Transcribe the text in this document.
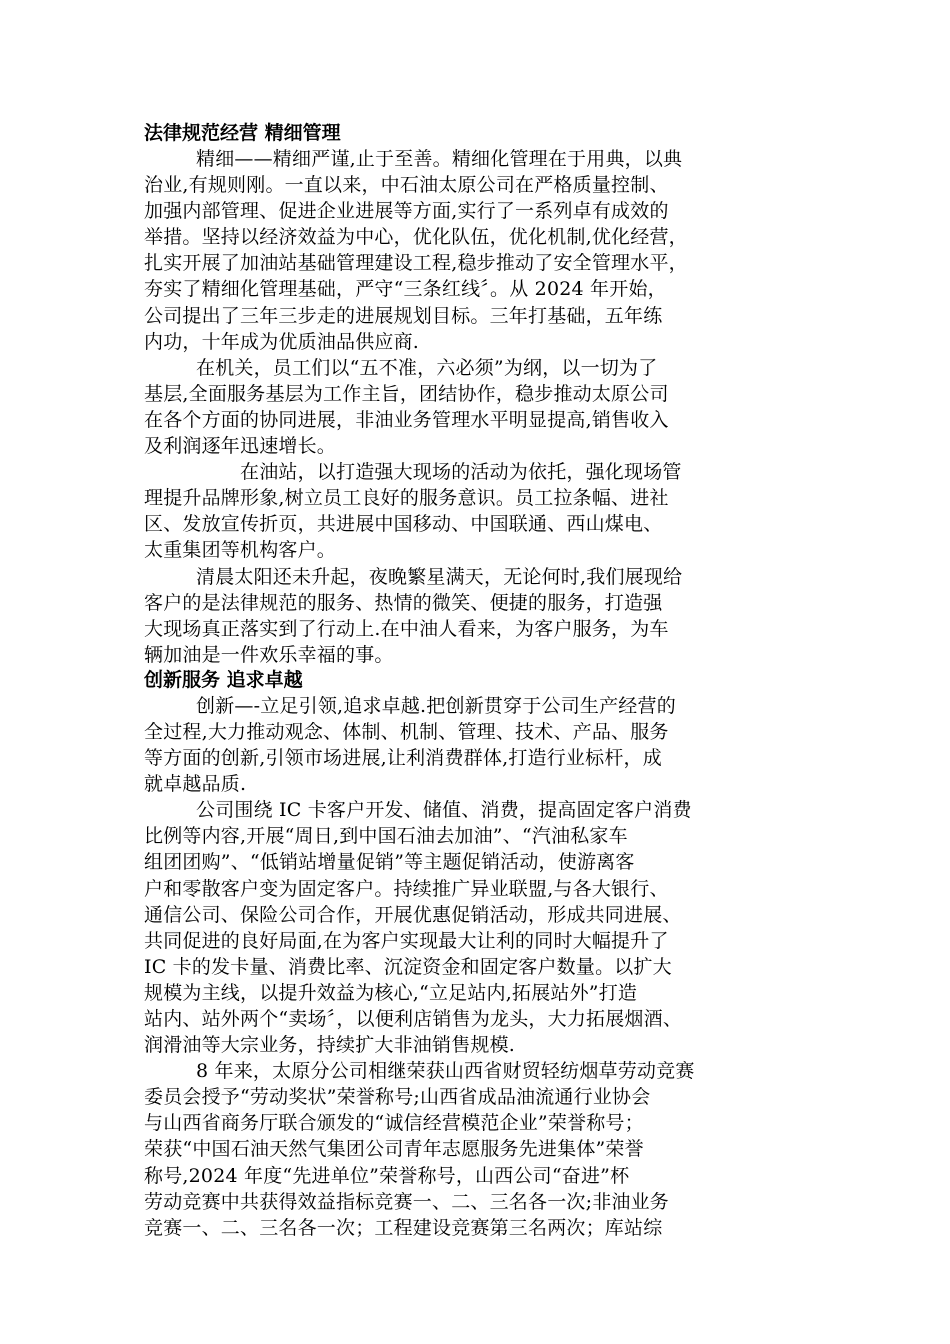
法律规范经营 精细管理
精细——精细严谨,止于至善。精细化管理在于用典，以典
治业,有规则刚。一直以来，中石油太原公司在严格质量控制、
加强内部管理、促进企业进展等方面,实行了一系列卓有成效的
举措。坚持以经济效益为中心，优化队伍，优化机制,优化经营，
扎实开展了加油站基础管理建设工程,稳步推动了安全管理水平，
夯实了精细化管理基础，严守“三条红线〞。从 2024 年开始，
公司提出了三年三步走的进展规划目标。三年打基础，五年练
内功，十年成为优质油品供应商.
在机关，员工们以“五不准，六必须”为纲，以一切为了
基层,全面服务基层为工作主旨，团结协作，稳步推动太原公司
在各个方面的协同进展，非油业务管理水平明显提高,销售收入
及利润逐年迅速增长。
在油站，以打造强大现场的活动为依托，强化现场管
理提升品牌形象,树立员工良好的服务意识。员工拉条幅、进社
区、发放宣传折页，共进展中国移动、中国联通、西山煤电、
太重集团等机构客户。
清晨太阳还未升起，夜晚繁星满天，无论何时,我们展现给
客户的是法律规范的服务、热情的微笑、便捷的服务，打造强
大现场真正落实到了行动上.在中油人看来，为客户服务，为车
辆加油是一件欢乐幸福的事。
创新服务 追求卓越
创新—-立足引领,追求卓越.把创新贯穿于公司生产经营的
全过程,大力推动观念、体制、机制、管理、技术、产品、服务
等方面的创新,引领市场进展,让利消费群体,打造行业标杆，成
就卓越品质.
公司围绕 IC 卡客户开发、储值、消费，提高固定客户消费
比例等内容,开展“周日,到中国石油去加油”、“汽油私家车
组团团购”、“低销站增量促销”等主题促销活动，使游离客
户和零散客户变为固定客户。持续推广异业联盟,与各大银行、
通信公司、保险公司合作，开展优惠促销活动，形成共同进展、
共同促进的良好局面,在为客户实现最大让利的同时大幅提升了
IC 卡的发卡量、消费比率、沉淀资金和固定客户数量。以扩大
规模为主线，以提升效益为核心,“立足站内,拓展站外”打造
站内、站外两个“卖场〞，以便利店销售为龙头，大力拓展烟酒、
润滑油等大宗业务，持续扩大非油销售规模.
8 年来，太原分公司相继荣获山西省财贸轻纺烟草劳动竞赛
委员会授予“劳动奖状”荣誉称号;山西省成品油流通行业协会
与山西省商务厅联合颁发的“诚信经营模范企业”荣誉称号；
荣获“中国石油天然气集团公司青年志愿服务先进集体”荣誉
称号,2024 年度“先进单位”荣誉称号，山西公司“奋进”杯
劳动竞赛中共获得效益指标竞赛一、二、三名各一次;非油业务
竞赛一、二、三名各一次；工程建设竞赛第三名两次；库站综
